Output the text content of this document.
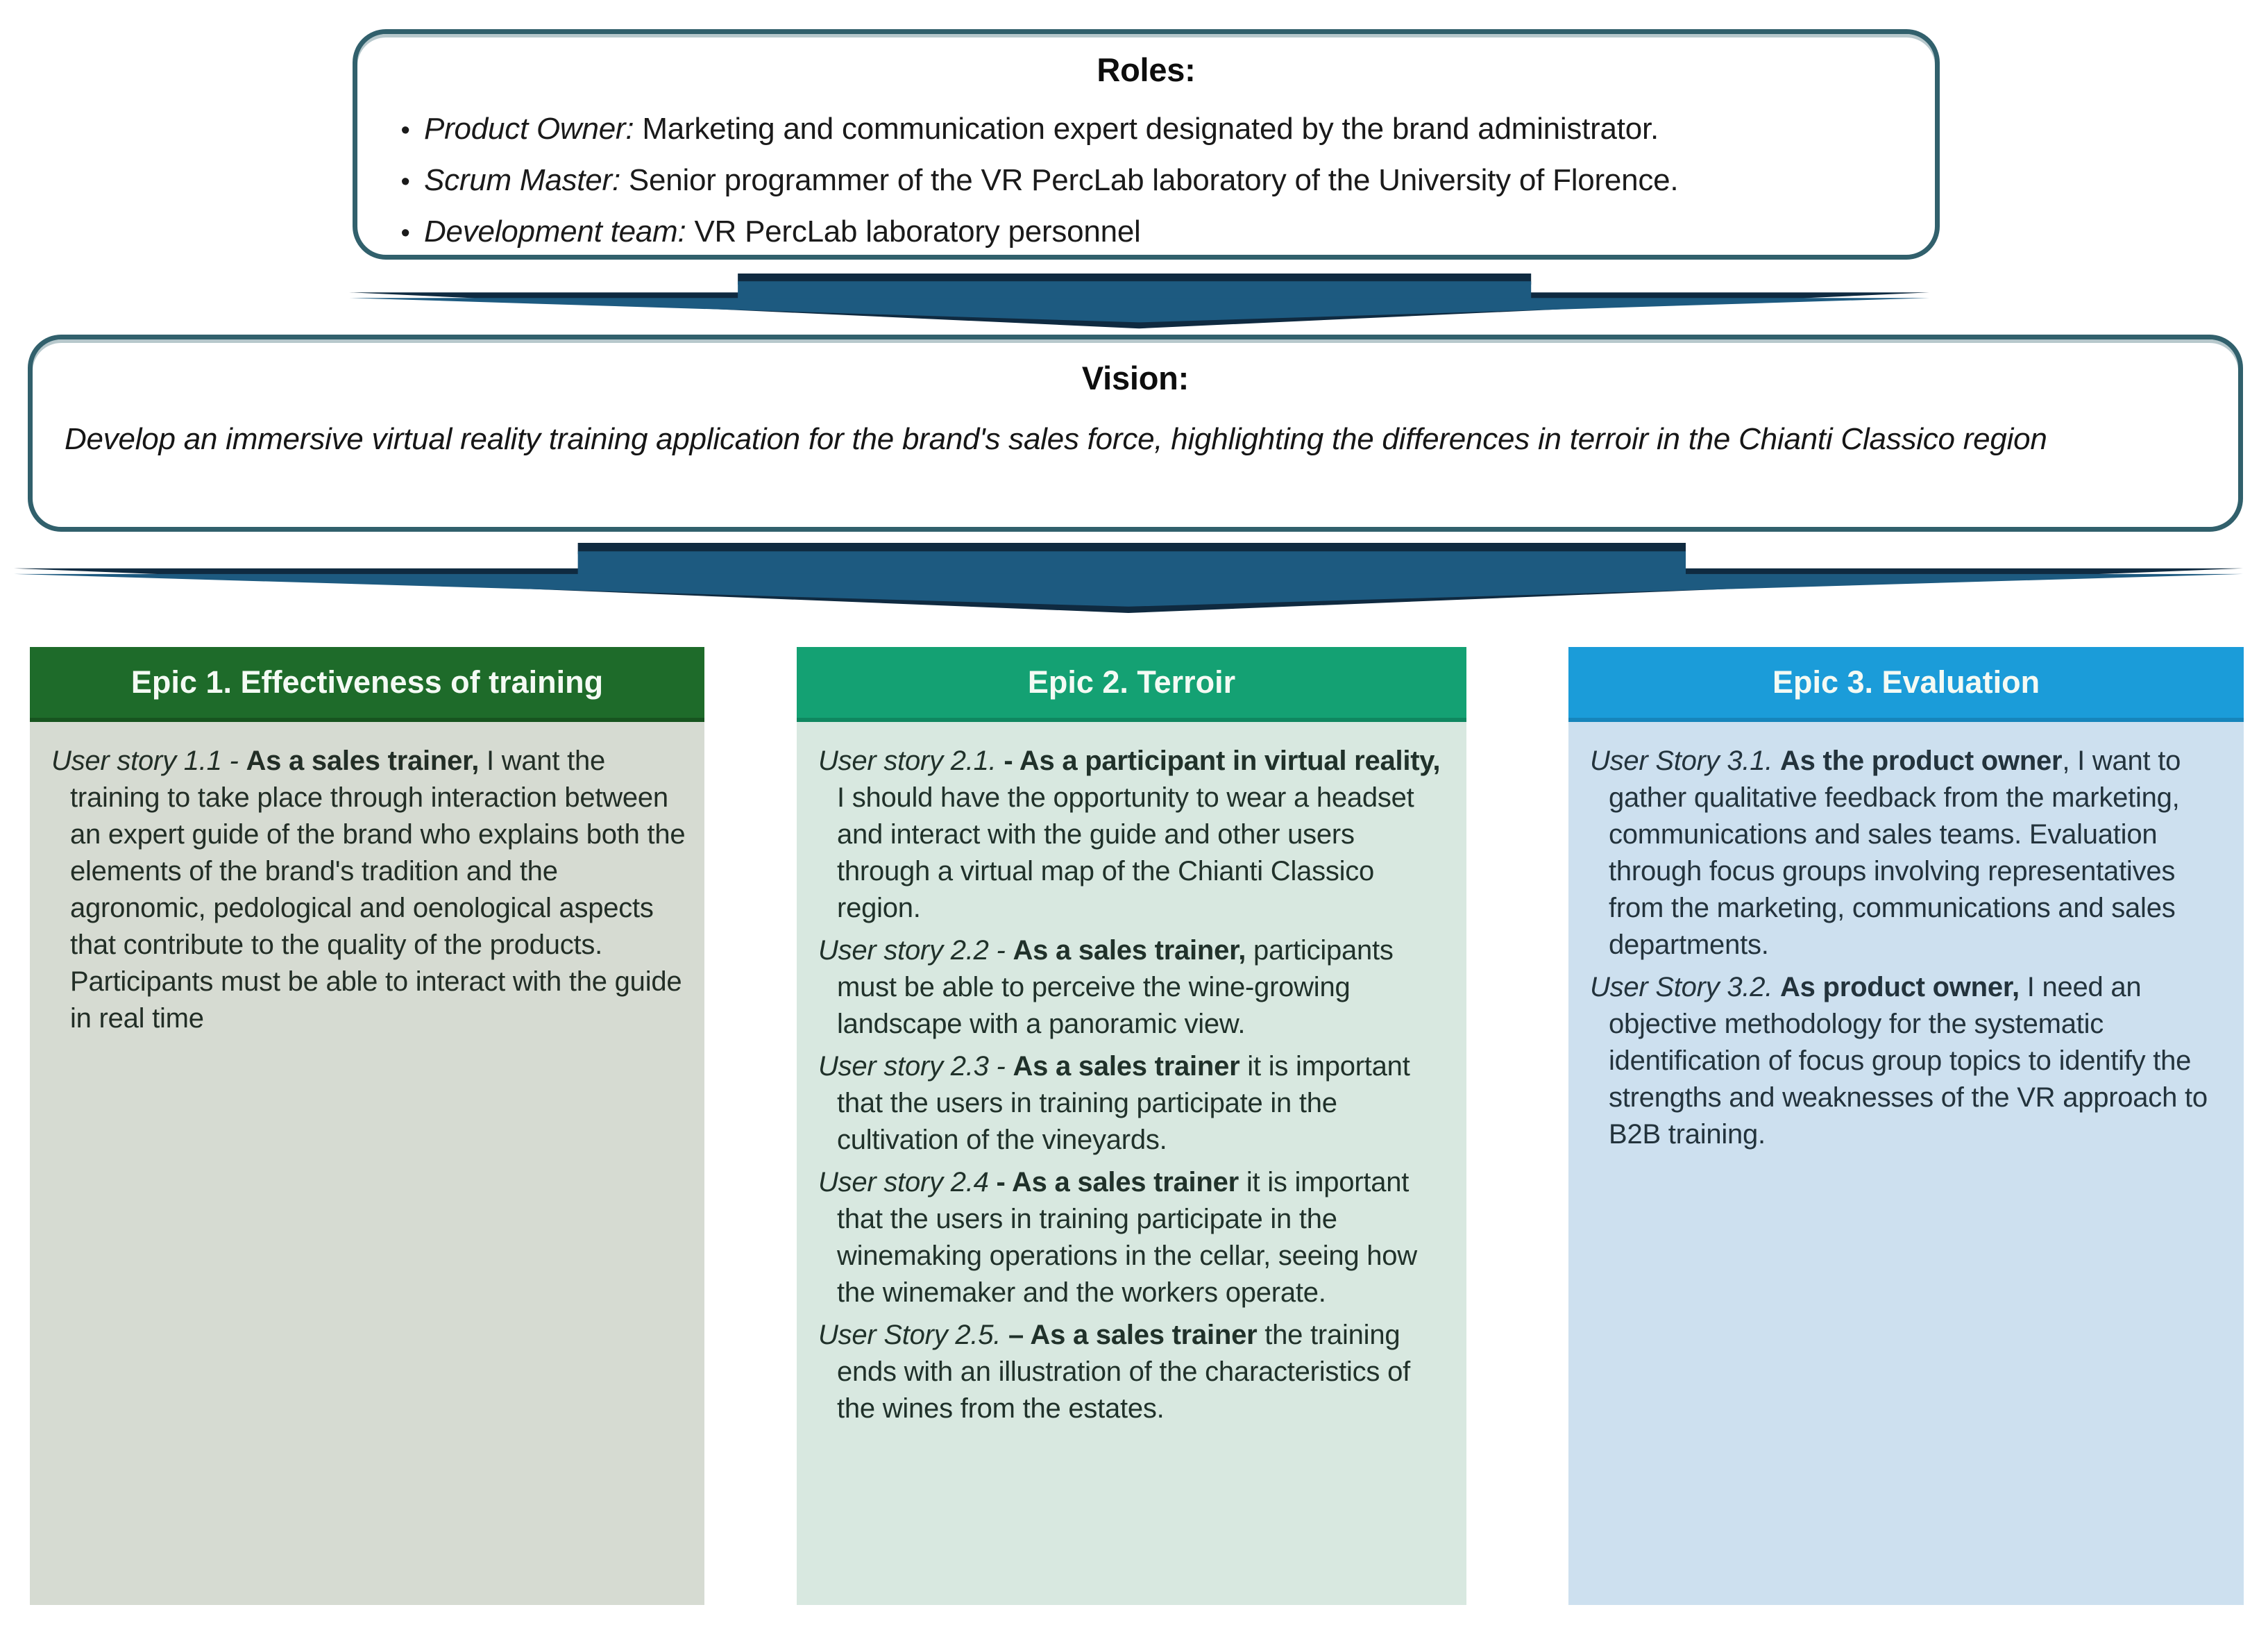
Roles:
• Product Owner: Marketing and communication expert designated by the brand administrator.
• Scrum Master: Senior programmer of the VR PercLab laboratory of the University of Florence.
• Development team: VR PercLab laboratory personnel
Vision:
Develop an immersive virtual reality training application for the brand's sales force, highlighting the differences in terroir in the Chianti Classico region
Epic 1. Effectiveness of training
User story 1.1 - As a sales trainer, I want the training to take place through interaction between an expert guide of the brand who explains both the elements of the brand's tradition and the agronomic, pedological and oenological aspects that contribute to the quality of the products. Participants must be able to interact with the guide in real time
Epic 2. Terroir
User story 2.1. - As a participant in virtual reality, I should have the opportunity to wear a headset and interact with the guide and other users through a virtual map of the Chianti Classico region.
User story 2.2 - As a sales trainer, participants must be able to perceive the wine-growing landscape with a panoramic view.
User story 2.3 - As a sales trainer it is important that the users in training participate in the cultivation of the vineyards.
User story 2.4 - As a sales trainer it is important that the users in training participate in the winemaking operations in the cellar, seeing how the winemaker and the workers operate.
User Story 2.5. – As a sales trainer the training ends with an illustration of the characteristics of the wines from the estates.
Epic 3. Evaluation
User Story 3.1. As the product owner, I want to gather qualitative feedback from the marketing, communications and sales teams. Evaluation through focus groups involving representatives from the marketing, communications and sales departments.
User Story 3.2. As product owner, I need an objective methodology for the systematic identification of focus group topics to identify the strengths and weaknesses of the VR approach to B2B training.
